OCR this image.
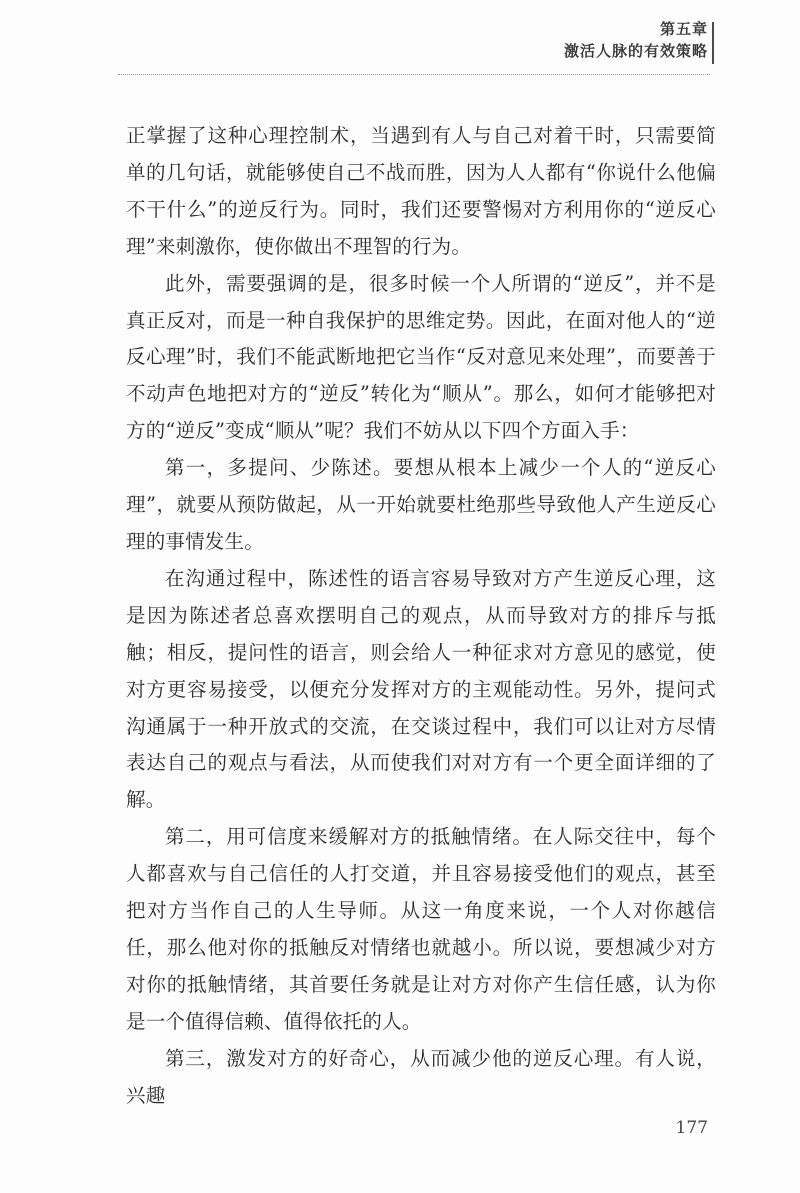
第五章
激活人脉的有效策略

正掌握了这种心理控制术，当遇到有人与自己对着干时，只需要简单的几句话，就能够使自己不战而胜，因为人人都有“你说什么他偏不干什么”的逆反行为。同时，我们还要警惕对方利用你的“逆反心理”来刺激你，使你做出不理智的行为。

此外，需要强调的是，很多时候一个人所谓的“逆反”，并不是真正反对，而是一种自我保护的思维定势。因此，在面对他人的“逆反心理”时，我们不能武断地把它当作“反对意见来处理”，而要善于不动声色地把对方的“逆反”转化为“顺从”。那么，如何才能够把对方的“逆反”变成“顺从”呢？我们不妨从以下四个方面入手：

第一，多提问、少陈述。要想从根本上减少一个人的“逆反心理”，就要从预防做起，从一开始就要杜绝那些导致他人产生逆反心理的事情发生。

在沟通过程中，陈述性的语言容易导致对方产生逆反心理，这是因为陈述者总喜欢摆明自己的观点，从而导致对方的排斥与抵触；相反，提问性的语言，则会给人一种征求对方意见的感觉，使对方更容易接受，以便充分发挥对方的主观能动性。另外，提问式沟通属于一种开放式的交流，在交谈过程中，我们可以让对方尽情表达自己的观点与看法，从而使我们对对方有一个更全面详细的了解。

第二，用可信度来缓解对方的抵触情绪。在人际交往中，每个人都喜欢与自己信任的人打交道，并且容易接受他们的观点，甚至把对方当作自己的人生导师。从这一角度来说，一个人对你越信任，那么他对你的抵触反对情绪也就越小。所以说，要想减少对方对你的抵触情绪，其首要任务就是让对方对你产生信任感，认为你是一个值得信赖、值得依托的人。

第三，激发对方的好奇心，从而减少他的逆反心理。有人说，兴趣

177
